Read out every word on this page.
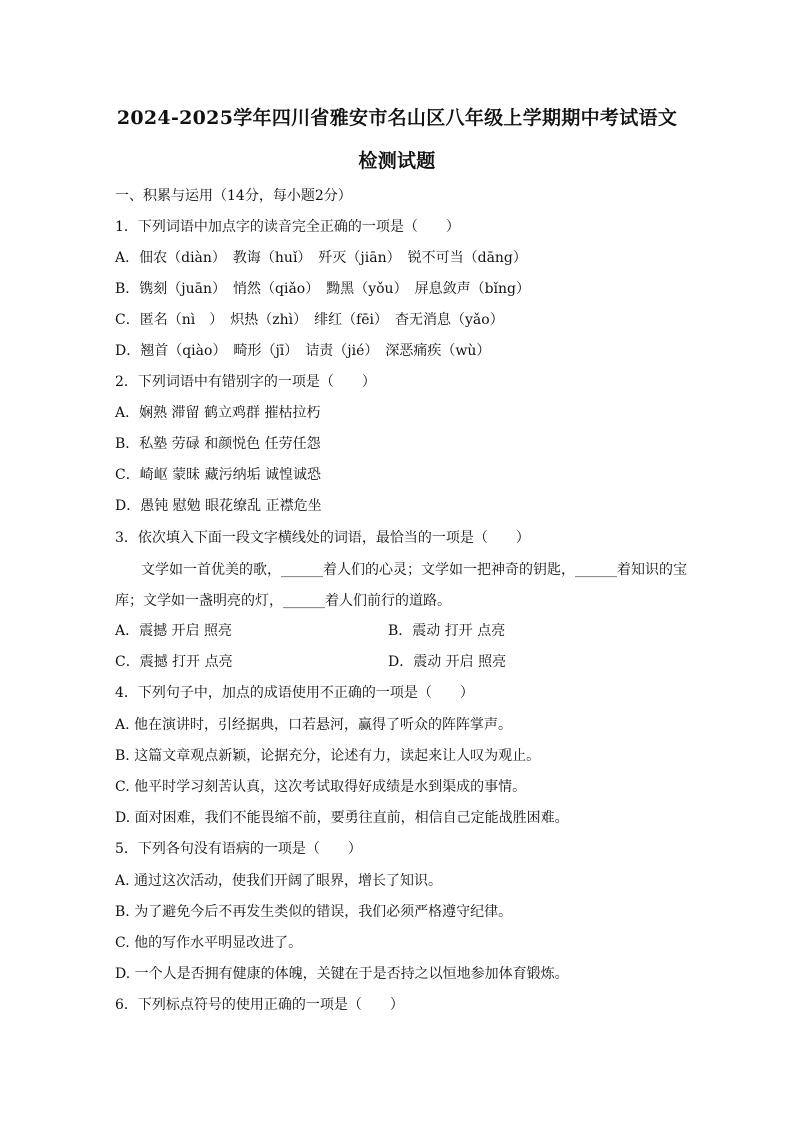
2024-2025学年四川省雅安市名山区八年级上学期期中考试语文
检测试题
一、积累与运用（14分，每小题2分）
1．下列词语中加点字的读音完全正确的一项是（　　）
A．佃农（diàn）　教诲（huǐ）　歼灭（jiān）　锐不可当（dāng）
B．镌刻（juān）　悄然（qiǎo）　黝黑（yǒu）　屏息敛声（bǐng）
C．匿名（nì　）　炽热（zhì）　绯红（fēi）　杳无消息（yǎo）
D．翘首（qiào）　畸形（jī）　诘责（jié）　深恶痛疾（wù）
2．下列词语中有错别字的一项是（　　）
A．娴熟 滞留 鹤立鸡群 摧枯拉朽
B．私塾 劳碌 和颜悦色 任劳任怨
C．崎岖 蒙昧 藏污纳垢 诚惶诚恐
D．愚钝 慰勉 眼花缭乱 正襟危坐
3．依次填入下面一段文字横线处的词语，最恰当的一项是（　　）
文学如一首优美的歌，______着人们的心灵；文学如一把神奇的钥匙，______着知识的宝
库；文学如一盏明亮的灯，______着人们前行的道路。
A．震撼 开启 照亮	B．震动 打开 点亮
C．震撼 打开 点亮	D．震动 开启 照亮
4．下列句子中，加点的成语使用不正确的一项是（　　）
A. 他在演讲时，引经据典，口若悬河，赢得了听众的阵阵掌声。
B. 这篇文章观点新颖，论据充分，论述有力，读起来让人叹为观止。
C. 他平时学习刻苦认真，这次考试取得好成绩是水到渠成的事情。
D. 面对困难，我们不能畏缩不前，要勇往直前，相信自己定能战胜困难。
5．下列各句没有语病的一项是（　　）
A. 通过这次活动，使我们开阔了眼界，增长了知识。
B. 为了避免今后不再发生类似的错误，我们必须严格遵守纪律。
C. 他的写作水平明显改进了。
D. 一个人是否拥有健康的体魄，关键在于是否持之以恒地参加体育锻炼。
6．下列标点符号的使用正确的一项是（　　）
